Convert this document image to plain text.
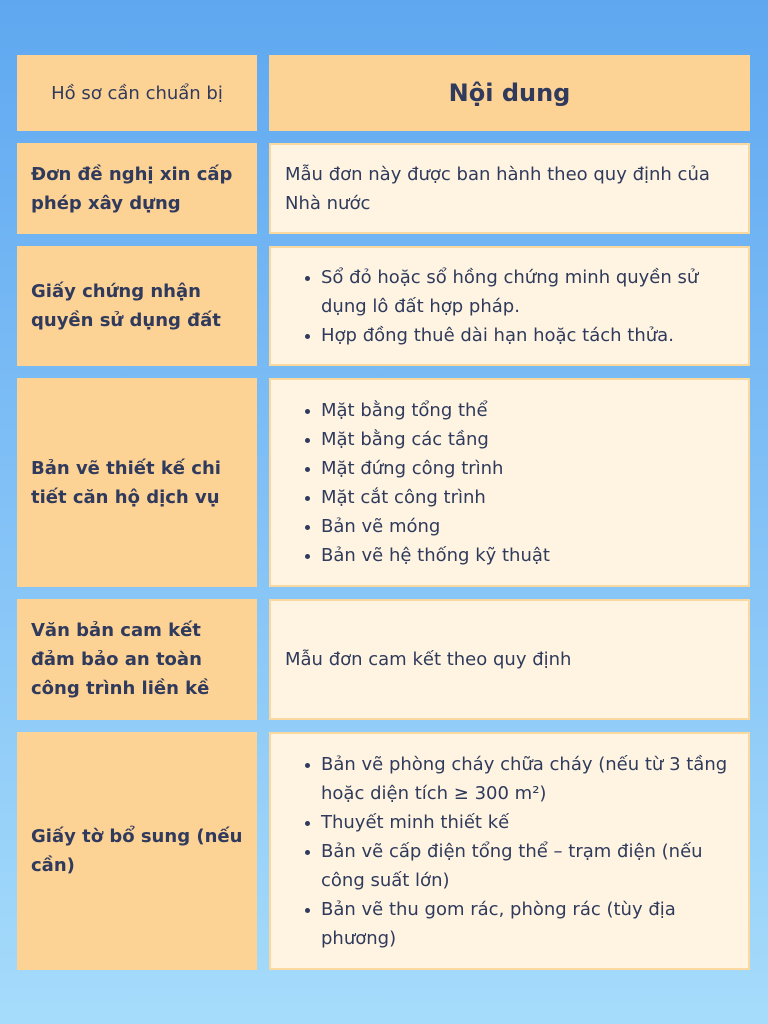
Hồ sơ cần chuẩn bị	Nội dung
Đơn đề nghị xin cấp phép xây dựng
Mẫu đơn này được ban hành theo quy định của Nhà nước
Giấy chứng nhận quyền sử dụng đất
• Sổ đỏ hoặc sổ hồng chứng minh quyền sử dụng lô đất hợp pháp.
• Hợp đồng thuê dài hạn hoặc tách thửa.
Bản vẽ thiết kế chi tiết căn hộ dịch vụ
• Mặt bằng tổng thể
• Mặt bằng các tầng
• Mặt đứng công trình
• Mặt cắt công trình
• Bản vẽ móng
• Bản vẽ hệ thống kỹ thuật
Văn bản cam kết đảm bảo an toàn công trình liền kề
Mẫu đơn cam kết theo quy định
Giấy tờ bổ sung (nếu cần)
• Bản vẽ phòng cháy chữa cháy (nếu từ 3 tầng hoặc diện tích ≥ 300 m²)
• Thuyết minh thiết kế
• Bản vẽ cấp điện tổng thể – trạm điện (nếu công suất lớn)
• Bản vẽ thu gom rác, phòng rác (tùy địa phương)
